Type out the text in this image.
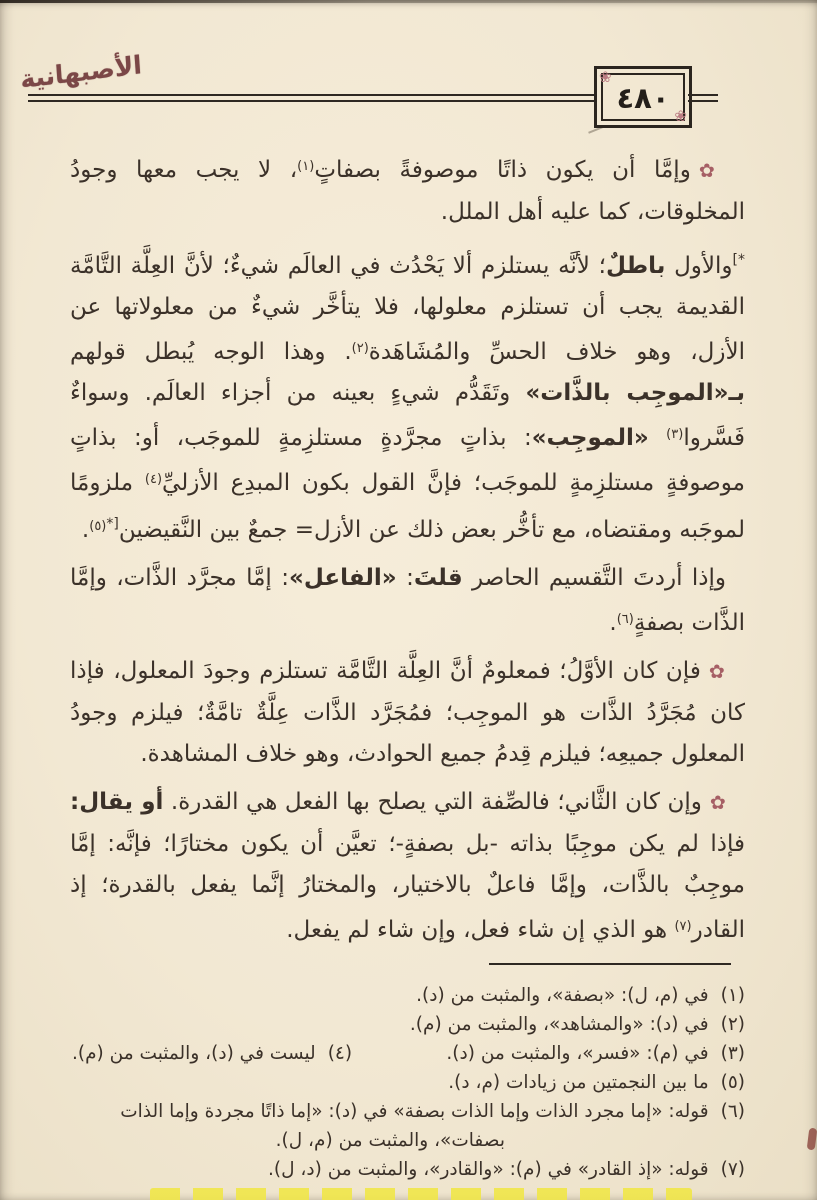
الأصبهانية	❀
❀
٤٨٠

✿وإمَّا أن يكون ذاتًا موصوفةً بصفاتٍ$^{(١)}$، لا يجب معها وجودُ المخلوقات، كما عليه أهل الملل.

[*والأول باطلٌ؛ لأنَّه يستلزم ألا يَحْدُث في العالَم شيءٌ؛ لأنَّ العِلَّة التَّامَّة القديمة يجب أن تستلزم معلولها، فلا يتأخَّر شيءٌ من معلولاتها عن الأزل، وهو خلاف الحسِّ والمُشَاهَدة$^{(٢)}$. وهذا الوجه يُبطل قولهم بـ«الموجِب بالذَّات» وتَقَدُّم شيءٍ بعينه من أجزاء العالَم. وسواءٌ فَسَّروا$^{(٣)}$ «الموجِب»: بذاتٍ مجرَّدةٍ مستلزِمةٍ للموجَب، أو: بذاتٍ موصوفةٍ مستلزِمةٍ للموجَب؛ فإنَّ القول بكون المبدِع الأزليِّ$^{(٤)}$ ملزومًا لموجَبه ومقتضاه، مع تأخُّر بعض ذلك عن الأزل= جمعٌ بين النَّقيضين$^{*](٥)}$.

وإذا أردتَ التَّقسيم الحاصر قلتَ: «الفاعل»: إمَّا مجرَّد الذَّات، وإمَّا الذَّات بصفةٍ$^{(٦)}$.

✿فإن كان الأوَّلُ؛ فمعلومٌ أنَّ العِلَّة التَّامَّة تستلزم وجودَ المعلول، فإذا كان مُجَرَّدُ الذَّات هو الموجِب؛ فمُجَرَّد الذَّات عِلَّةٌ تامَّةٌ؛ فيلزم وجودُ المعلول جميعِه؛ فيلزم قِدمُ جميع الحوادث، وهو خلاف المشاهدة.

✿وإن كان الثَّاني؛ فالصِّفة التي يصلح بها الفعل هي القدرة. أو يقال: فإذا لم يكن موجِبًا بذاته -بل بصفةٍ-؛ تعيَّن أن يكون مختارًا؛ فإنَّه: إمَّا موجِبٌ بالذَّات، وإمَّا فاعلٌ بالاختيار، والمختارُ إنَّما يفعل بالقدرة؛ إذ القادر$^{(٧)}$ هو الذي إن شاء فعل، وإن شاء لم يفعل.

(١)
في (م، ل): «بصفة»، والمثبت من (د).
(٢)
في (د): «والمشاهد»، والمثبت من (م).
(٣)
في (م): «فسر»، والمثبت من (د).
(٤)
ليست في (د)، والمثبت من (م).
(٥)
ما بين النجمتين من زيادات (م، د).
(٦)
قوله: «إما مجرد الذات وإما الذات بصفة» في (د): «إما ذاتًا مجردة وإما الذات
بصفات»، والمثبت من (م، ل).
(٧)
قوله: «إذ القادر» في (م): «والقادر»، والمثبت من (د، ل).
